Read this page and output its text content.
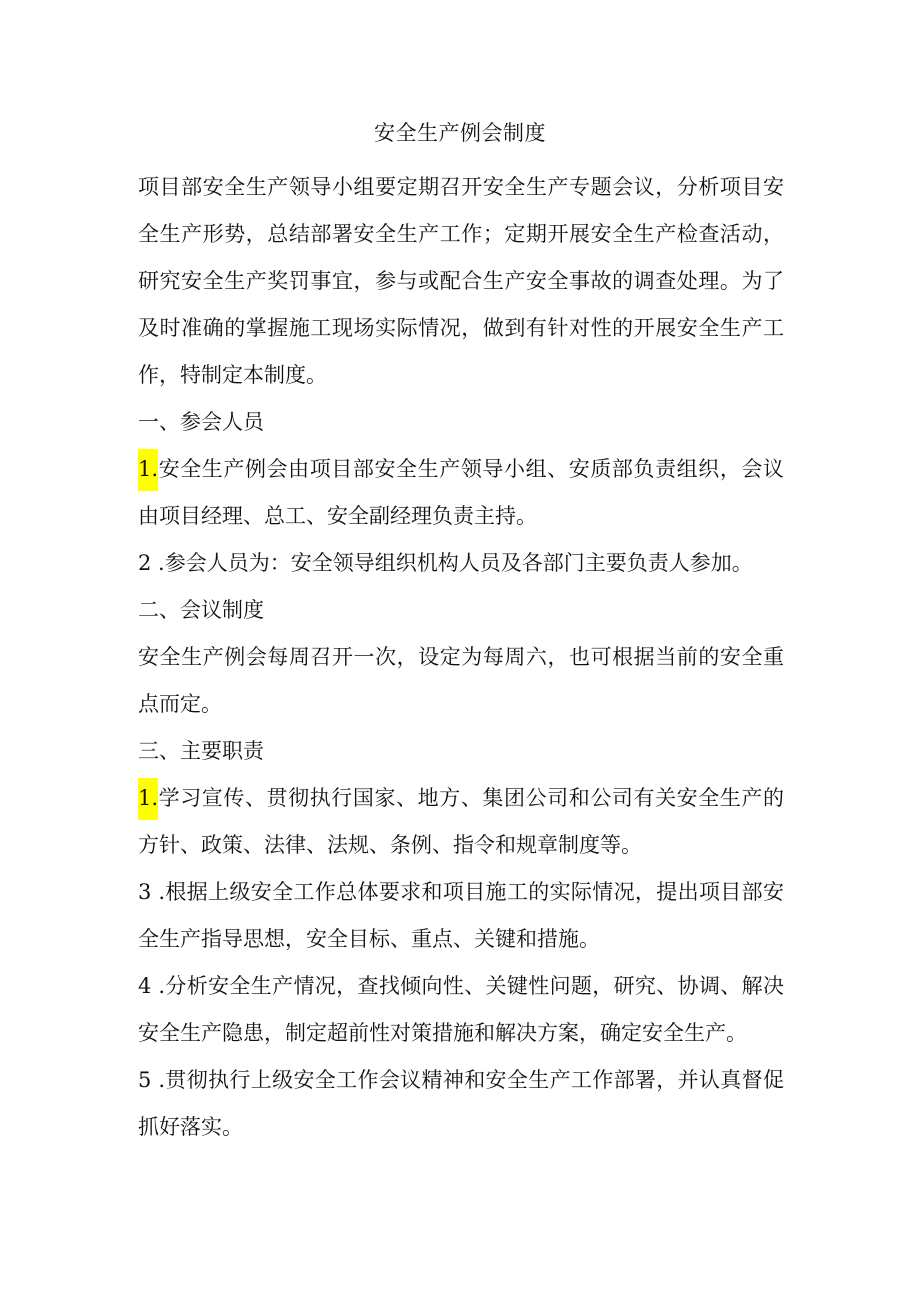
安全生产例会制度
项目部安全生产领导小组要定期召开安全生产专题会议，分析项目安全生产形势，总结部署安全生产工作；定期开展安全生产检查活动，研究安全生产奖罚事宜，参与或配合生产安全事故的调查处理。为了及时准确的掌握施工现场实际情况，做到有针对性的开展安全生产工作，特制定本制度。
一、参会人员
1.安全生产例会由项目部安全生产领导小组、安质部负责组织，会议由项目经理、总工、安全副经理负责主持。
2 .参会人员为：安全领导组织机构人员及各部门主要负责人参加。
二、会议制度
安全生产例会每周召开一次，设定为每周六，也可根据当前的安全重点而定。
三、主要职责
1.学习宣传、贯彻执行国家、地方、集团公司和公司有关安全生产的方针、政策、法律、法规、条例、指令和规章制度等。
3 .根据上级安全工作总体要求和项目施工的实际情况，提出项目部安全生产指导思想，安全目标、重点、关键和措施。
4 .分析安全生产情况，查找倾向性、关键性问题，研究、协调、解决安全生产隐患，制定超前性对策措施和解决方案，确定安全生产。
5 .贯彻执行上级安全工作会议精神和安全生产工作部署，并认真督促抓好落实。
